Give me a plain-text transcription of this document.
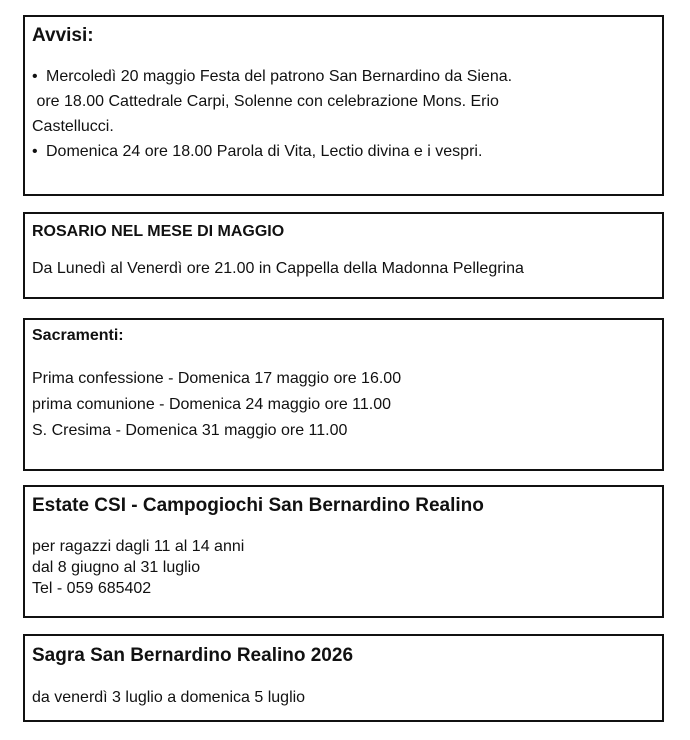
Avvisi:

• Mercoledì 20 maggio Festa del patrono San Bernardino da Siena.

ore 18.00 Cattedrale Carpi, Solenne con celebrazione Mons. Erio

Castellucci.

• Domenica 24 ore 18.00 Parola di Vita, Lectio divina e i vespri.

ROSARIO NEL MESE DI MAGGIO

Da Lunedì al Venerdì ore 21.00 in Cappella della Madonna Pellegrina

Sacramenti:

Prima confessione - Domenica 17 maggio ore 16.00

prima comunione - Domenica 24 maggio ore 11.00

S. Cresima - Domenica 31 maggio ore 11.00

Estate CSI - Campogiochi San Bernardino Realino

per ragazzi dagli 11 al 14 anni

dal 8 giugno al 31 luglio

Tel - 059 685402

Sagra San Bernardino Realino 2026

da venerdì 3 luglio a domenica 5 luglio
